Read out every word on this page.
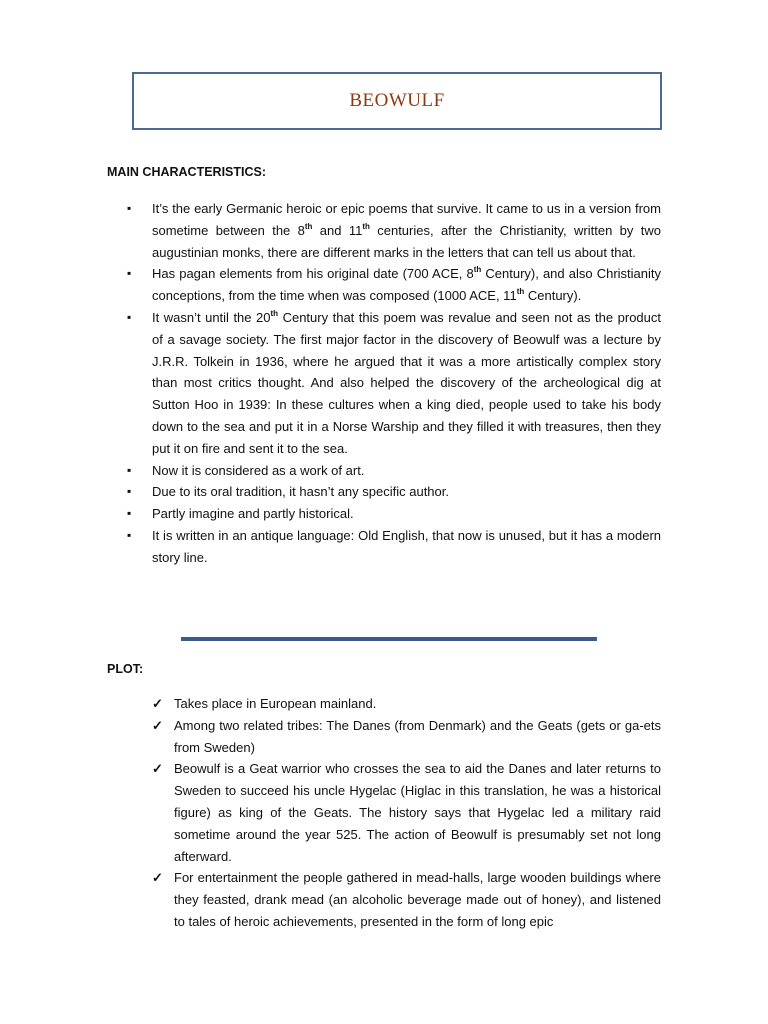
BEOWULF
MAIN CHARACTERISTICS:
▪ It’s the early Germanic heroic or epic poems that survive. It came to us in a version from sometime between the 8th and 11th centuries, after the Christianity, written by two augustinian monks, there are different marks in the letters that can tell us about that.
▪ Has pagan elements from his original date (700 ACE, 8th Century), and also Christianity conceptions, from the time when was composed (1000 ACE, 11th Century).
▪ It wasn’t until the 20th Century that this poem was revalue and seen not as the product of a savage society. The first major factor in the discovery of Beowulf was a lecture by J.R.R. Tolkein in 1936, where he argued that it was a more artistically complex story than most critics thought. And also helped the discovery of the archeological dig at Sutton Hoo in 1939: In these cultures when a king died, people used to take his body down to the sea and put it in a Norse Warship and they filled it with treasures, then they put it on fire and sent it to the sea.
▪ Now it is considered as a work of art.
▪ Due to its oral tradition, it hasn’t any specific author.
▪ Partly imagine and partly historical.
▪ It is written in an antique language: Old English, that now is unused, but it has a modern story line.
PLOT:
✓ Takes place in European mainland.
✓ Among two related tribes: The Danes (from Denmark) and the Geats (gets or ga-ets from Sweden)
✓ Beowulf is a Geat warrior who crosses the sea to aid the Danes and later returns to Sweden to succeed his uncle Hygelac (Higlac in this translation, he was a historical figure) as king of the Geats. The history says that Hygelac led a military raid sometime around the year 525. The action of Beowulf is presumably set not long afterward.
✓ For entertainment the people gathered in mead-halls, large wooden buildings where they feasted, drank mead (an alcoholic beverage made out of honey), and listened to tales of heroic achievements, presented in the form of long epic
